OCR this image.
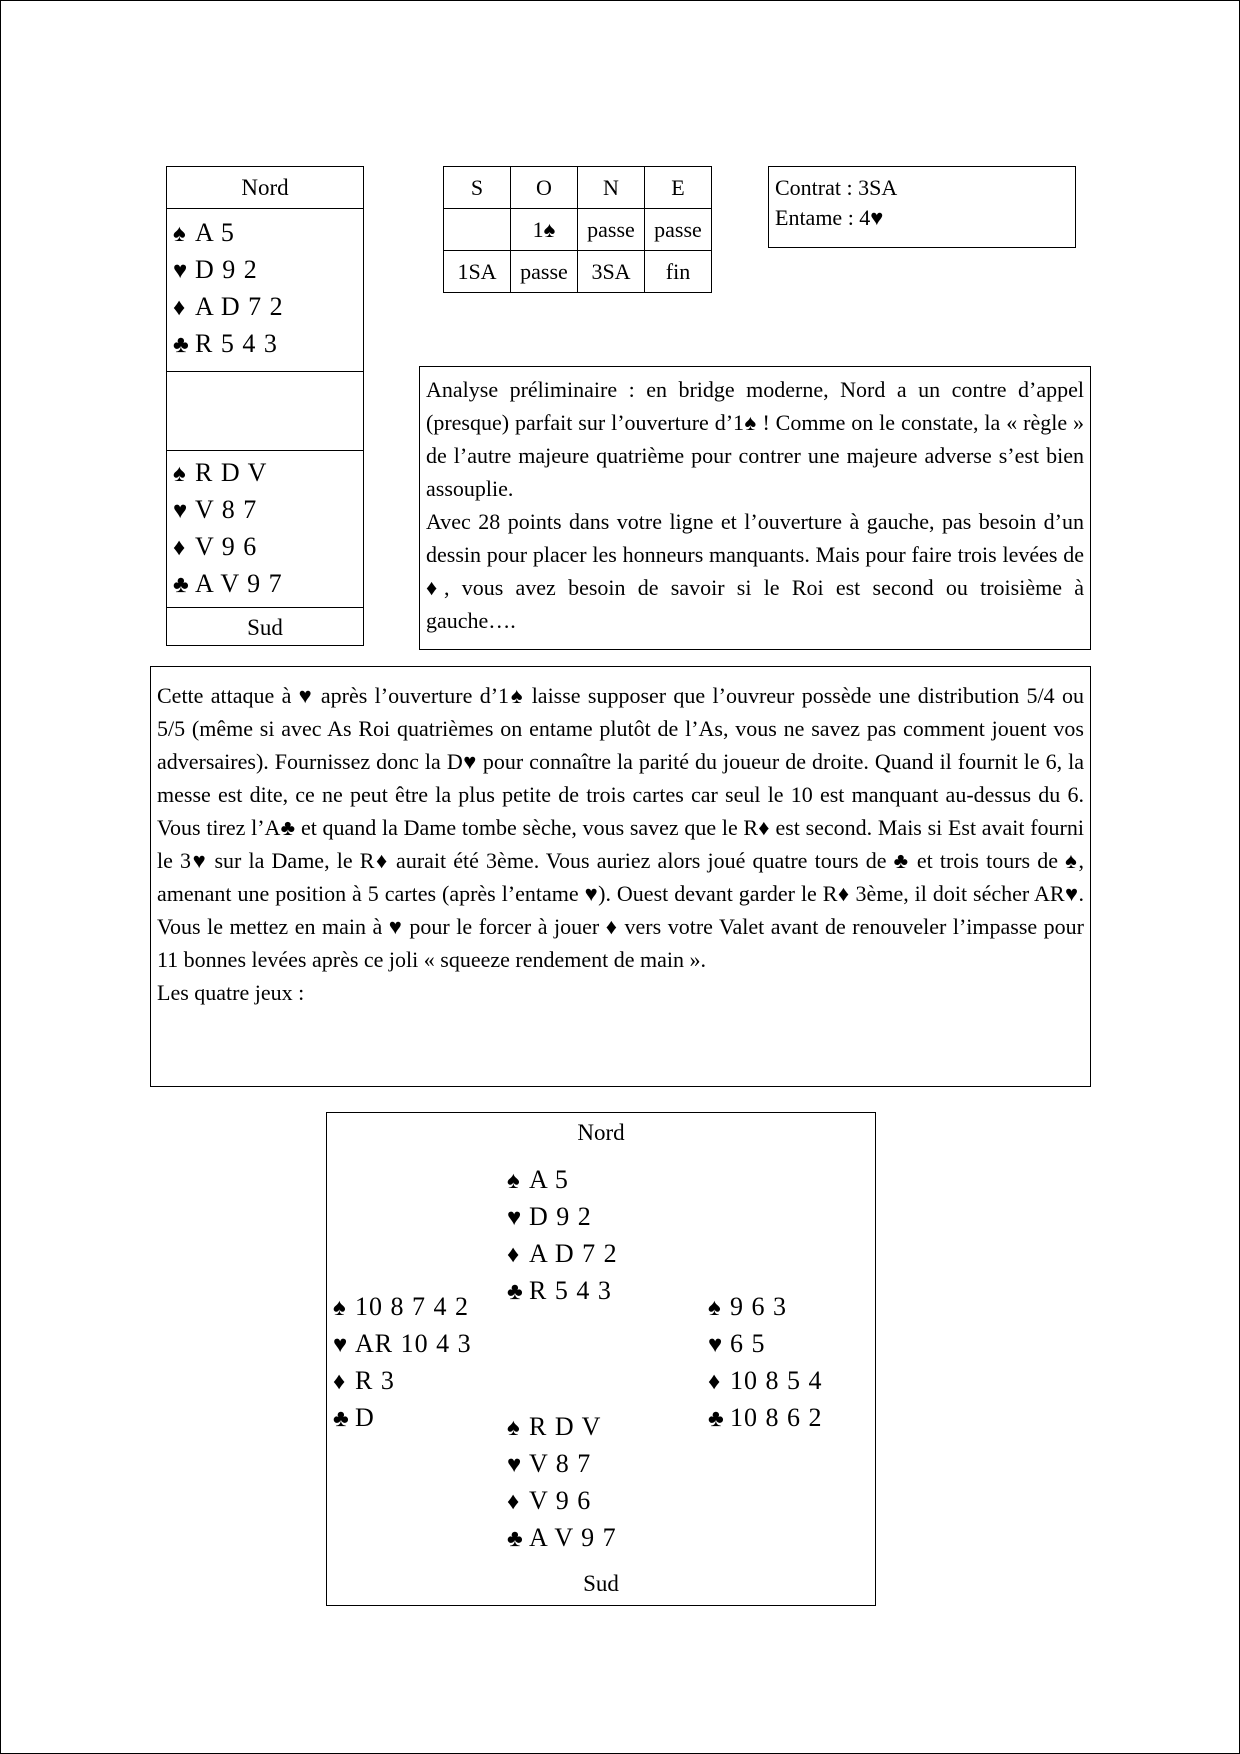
Nord
♠ A 5
♥ D 9 2
♦ A D 7 2
♣ R 5 4 3
♠ R D V
♥ V 8 7
♦ V 9 6
♣ A V 9 7
Sud
S	O	N	E
	1♠	passe	passe
1SA	passe	3SA	fin
Contrat : 3SA
Entame : 4♥

Analyse préliminaire : en bridge moderne, Nord a un contre d’appel (presque) parfait sur l’ouverture d’1♠ ! Comme on le constate, la « règle » de l’autre majeure quatrième pour contrer une majeure adverse s’est bien assouplie.

Avec 28 points dans votre ligne et l’ouverture à gauche, pas besoin d’un dessin pour placer les honneurs manquants. Mais pour faire trois levées de ♦, vous avez besoin de savoir si le Roi est second ou troisième à gauche….

Cette attaque à ♥ après l’ouverture d’1♠ laisse supposer que l’ouvreur possède une distribution 5/4 ou 5/5 (même si avec As Roi quatrièmes on entame plutôt de l’As, vous ne savez pas comment jouent vos adversaires). Fournissez donc la D♥ pour connaître la parité du joueur de droite. Quand il fournit le 6, la messe est dite, ce ne peut être la plus petite de trois cartes car seul le 10 est manquant au-dessus du 6. Vous tirez l’A♣ et quand la Dame tombe sèche, vous savez que le R♦ est second. Mais si Est avait fourni le 3♥ sur la Dame, le R♦ aurait été 3ème. Vous auriez alors joué quatre tours de ♣ et trois tours de ♠, amenant une position à 5 cartes (après l’entame ♥). Ouest devant garder le R♦ 3ème, il doit sécher AR♥. Vous le mettez en main à ♥ pour le forcer à jouer ♦ vers votre Valet avant de renouveler l’impasse pour 11 bonnes levées après ce joli « squeeze rendement de main ».

Les quatre jeux :

Nord
♠ A 5
♥ D 9 2
♦ A D 7 2
♣ R 5 4 3
♠ 10 8 7 4 2
♥ AR 10 4 3
♦ R 3
♣ D
♠ 9 6 3
♥ 6 5
♦ 10 8 5 4
♣ 10 8 6 2
♠ R D V
♥ V 8 7
♦ V 9 6
♣ A V 9 7
Sud
